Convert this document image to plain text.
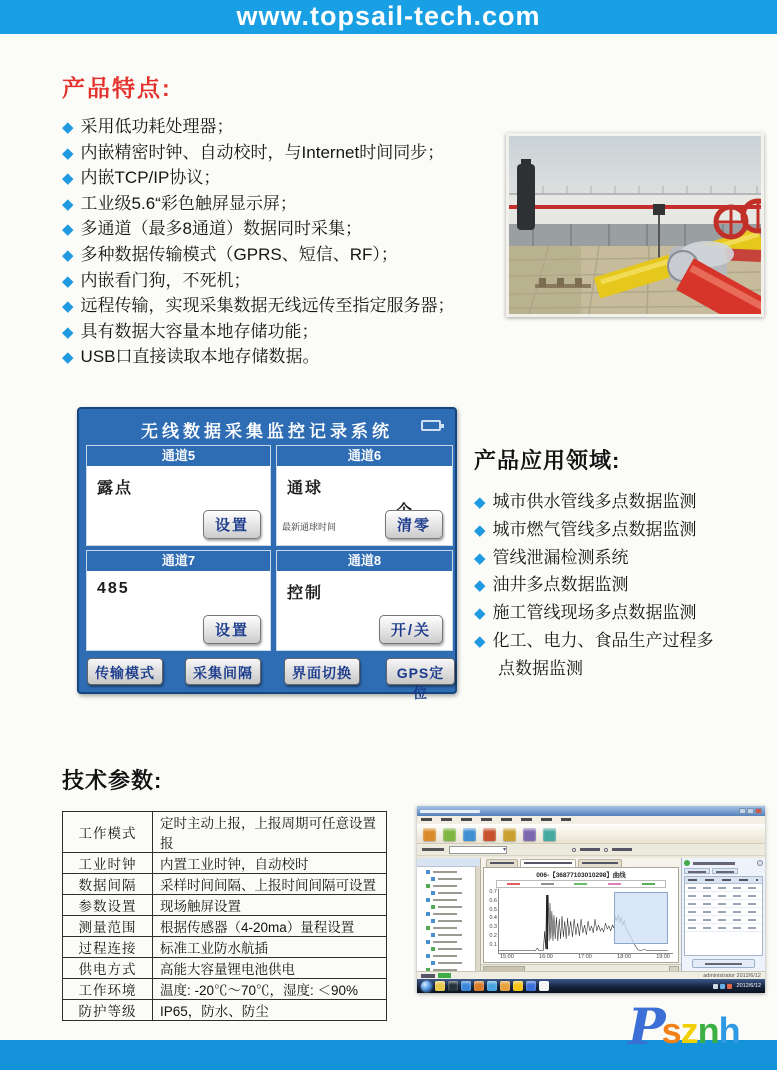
www.topsail-tech.com
产品特点:
◆ 采用低功耗处理器；
◆ 内嵌精密时钟、自动校时，与Internet时间同步；
◆ 内嵌TCP/IP协议；
◆ 工业级5.6“彩色触屏显示屏；
◆ 多通道（最多8通道）数据同时采集；
◆ 多种数据传输模式（GPRS、短信、RF）；
◆ 内嵌看门狗，不死机；
◆ 远程传输，实现采集数据无线远传至指定服务器；
◆ 具有数据大容量本地存储功能；
◆ USB口直接读取本地存储数据。
无线数据采集监控记录系统
通道5
露点
设置
通道6
通球
最新通球时间	清零
通道7
485
设置
通道8
控制
开/关
传输模式	采集间隔	界面切换	GPS定位
产品应用领域:
◆ 城市供水管线多点数据监测
◆ 城市燃气管线多点数据监测
◆ 管线泄漏检测系统
◆ 油井多点数据监测
◆ 施工管线现场多点数据监测
◆ 化工、电力、食品生产过程多点数据监测
技术参数:
工作模式	定时主动上报，上报周期可任意设置报
工业时钟	内置工业时钟，自动校时
数据间隔	采样时间间隔、上报时间间隔可设置
参数设置	现场触屏设置
测量范围	根据传感器（4-20ma）量程设置
过程连接	标准工业防水航插
供电方式	高能大容量锂电池供电
工作环境	温度: -20℃～70℃，湿度: ＜90%
防护等级	IP65，防水、防尘
▾
006-【36877103010298】曲线
0.7
0.6
0.5
0.4
0.3
0.2
0.1
15:00	16:00	17:00	18:00	19:00
administrator 2012/6/12
2012/6/12
P
s z n h
